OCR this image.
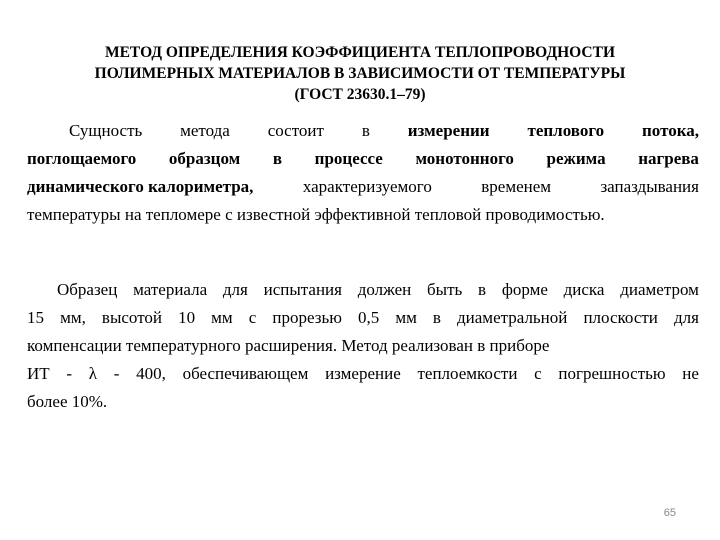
МЕТОД ОПРЕДЕЛЕНИЯ КОЭФФИЦИЕНТА ТЕПЛОПРОВОДНОСТИ
ПОЛИМЕРНЫХ МАТЕРИАЛОВ В ЗАВИСИМОСТИ ОТ ТЕМПЕРАТУРЫ
(ГОСТ 23630.1–79)
Сущность метода состоит в измерении теплового потока,
поглощаемого образцом в процессе монотонного режима нагрева
динамического калориметра,	характеризуемого	временем	запаздывания
температуры на тепломере с известной эффективной тепловой проводимостью.
Образец материала для испытания должен быть в форме диска диаметром
15 мм, высотой 10 мм с прорезью 0,5 мм в диаметральной плоскости для
компенсации температурного расширения. Метод реализован в приборе
ИТ - λ - 400, обеспечивающем измерение теплоемкости с погрешностью не
более 10%.
65
